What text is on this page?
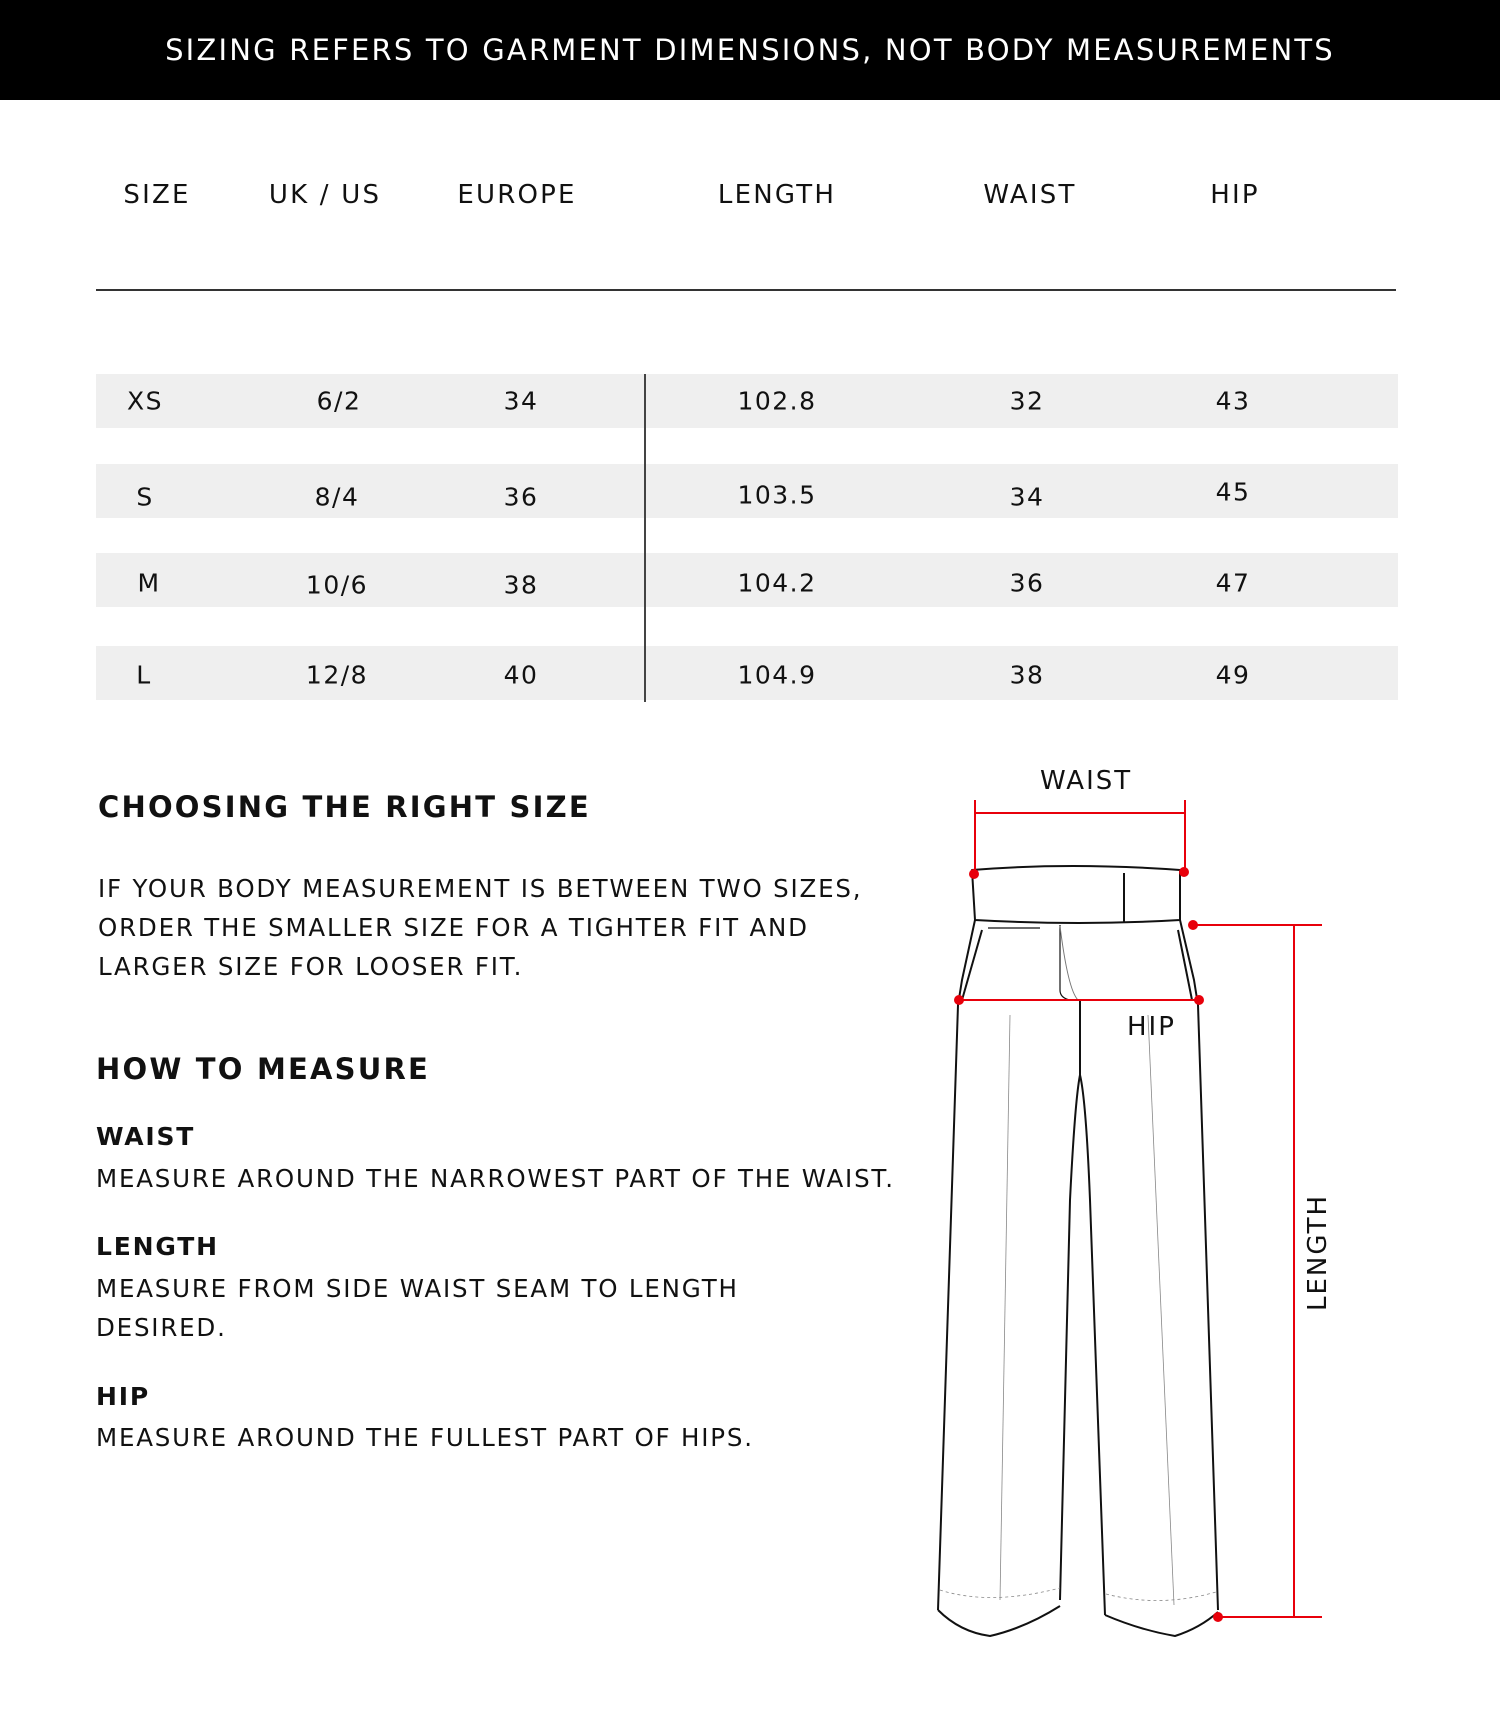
SIZING REFERS TO GARMENT DIMENSIONS, NOT BODY MEASUREMENTS
SIZE	UK / US	EUROPE	LENGTH	WAIST	HIP
XS	6/2	34	102.8	32	43
S	8/4	36	103.5	34	45
M	10/6	38	104.2	36	47
L	12/8	40	104.9	38	49
CHOOSING THE RIGHT SIZE
IF YOUR BODY MEASUREMENT IS BETWEEN TWO SIZES,
ORDER THE SMALLER SIZE FOR A TIGHTER FIT AND
LARGER SIZE FOR LOOSER FIT.
HOW TO MEASURE
WAIST
MEASURE AROUND THE NARROWEST PART OF THE WAIST.
LENGTH
MEASURE FROM SIDE WAIST SEAM TO LENGTH
DESIRED.
HIP
MEASURE AROUND THE FULLEST PART OF HIPS.
WAIST
HIP
LENGTH
